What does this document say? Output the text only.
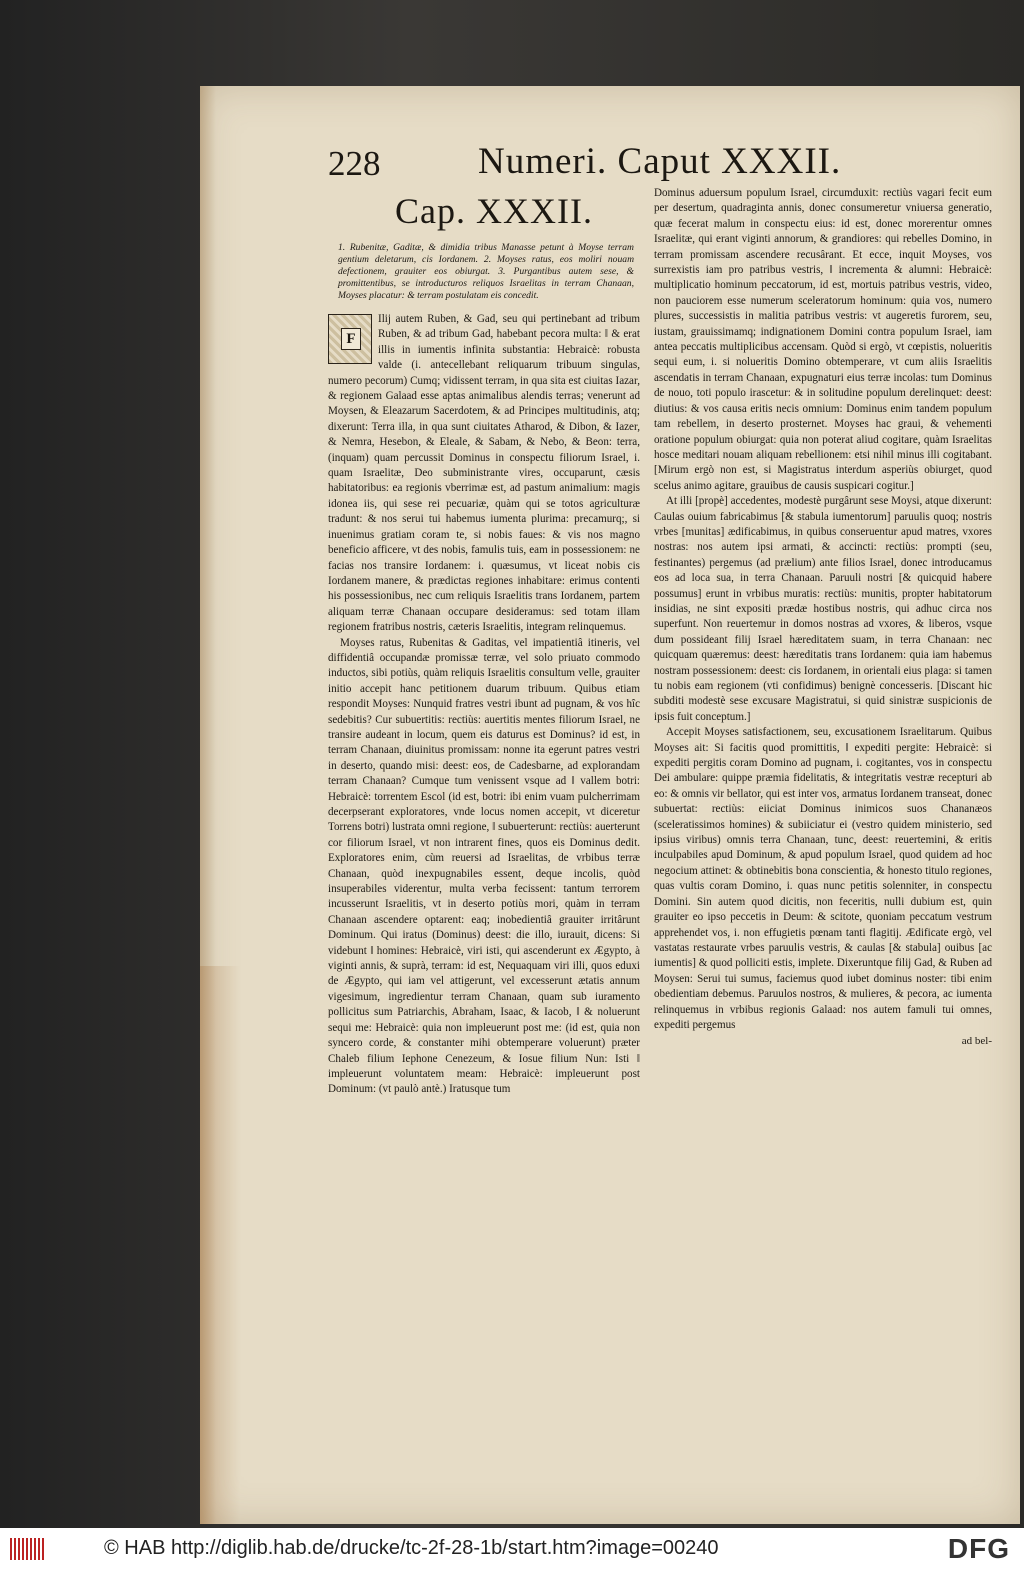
228	Numeri. Caput XXXII.
Cap. XXXII.

1. Rubenitæ, Gaditæ, & dimidia tribus Manasse petunt à Moyse terram gentium deletarum, cis Iordanem. 2. Moyses ratus, eos moliri nouam defectionem, grauiter eos obiurgat. 3. Purgantibus autem sese, & promittentibus, se introducturos reliquos Israelitas in terram Chanaan, Moyses placatur: & terram postulatam eis concedit.

F

Ilij autem Ruben, & Gad, seu qui pertinebant ad tribum Ruben, & ad tribum Gad, habebant pecora multa: ‖ & erat illis in iumentis infinita substantia: Hebraicè: robusta valde (i. antecellebant reliquarum tribuum singulas, numero pecorum) Cumq; vidissent terram, in qua sita est ciuitas Iazar, & regionem Galaad esse aptas animalibus alendis terras; venerunt ad Moysen, & Eleazarum Sacerdotem, & ad Principes multitudinis, atq; dixerunt: Terra illa, in qua sunt ciuitates Atharod, & Dibon, & Iazer, & Nemra, Hesebon, & Eleale, & Sabam, & Nebo, & Beon: terra, (inquam) quam percussit Dominus in conspectu filiorum Israel, i. quam Israelitæ, Deo subministrante vires, occuparunt, cæsis habitatoribus: ea regionis vberrimæ est, ad pastum animalium: magis idonea iis, qui sese rei pecuariæ, quàm qui se totos agriculturæ tradunt: & nos serui tui habemus iumenta plurima: precamurq;, si inuenimus gratiam coram te, si nobis faues: & vis nos magno beneficio afficere, vt des nobis, famulis tuis, eam in possessionem: ne facias nos transire Iordanem: i. quæsumus, vt liceat nobis cis Iordanem manere, & prædictas regiones inhabitare: erimus contenti his possessionibus, nec cum reliquis Israelitis trans Iordanem, partem aliquam terræ Chanaan occupare desideramus: sed totam illam regionem fratribus nostris, cæteris Israelitis, integram relinquemus.

Moyses ratus, Rubenitas & Gaditas, vel impatientiâ itineris, vel diffidentiâ occupandæ promissæ terræ, vel solo priuato commodo inductos, sibi potiùs, quàm reliquis Israelitis consultum velle, grauiter initio accepit hanc petitionem duarum tribuum. Quibus etiam respondit Moyses: Nunquid fratres vestri ibunt ad pugnam, & vos hîc sedebitis? Cur subuertitis: rectiùs: auertitis mentes filiorum Israel, ne transire audeant in locum, quem eis daturus est Dominus? id est, in terram Chanaan, diuinitus promissam: nonne ita egerunt patres vestri in deserto, quando misi: deest: eos, de Cadesbarne, ad explorandam terram Chanaan? Cumque tum venissent vsque ad ‖ vallem botri: Hebraicè: torrentem Escol (id est, botri: ibi enim vuam pulcherrimam decerpserant exploratores, vnde locus nomen accepit, vt diceretur Torrens botri) lustrata omni regione, ‖ subuerterunt: rectiùs: auerterunt cor filiorum Israel, vt non intrarent fines, quos eis Dominus dedit. Exploratores enim, cùm reuersi ad Israelitas, de vrbibus terræ Chanaan, quòd inexpugnabiles essent, deque incolis, quòd insuperabiles viderentur, multa verba fecissent: tantum terrorem incusserunt Israelitis, vt in deserto potiùs mori, quàm in terram Chanaan ascendere optarent: eaq; inobedientiâ grauiter irritârunt Dominum. Qui iratus (Dominus) deest: die illo, iurauit, dicens: Si videbunt ‖ homines: Hebraicè, viri isti, qui ascenderunt ex Ægypto, à viginti annis, & suprà, terram: id est, Nequaquam viri illi, quos eduxi de Ægypto, qui iam vel attigerunt, vel excesserunt ætatis annum vigesimum, ingredientur terram Chanaan, quam sub iuramento pollicitus sum Patriarchis, Abraham, Isaac, & Iacob, ‖ & noluerunt sequi me: Hebraicè: quia non impleuerunt post me: (id est, quia non syncero corde, & constanter mihi obtemperare voluerunt) præter Chaleb filium Iephone Cenezeum, & Iosue filium Nun: Isti ‖ impleuerunt voluntatem meam: Hebraicè: impleuerunt post Dominum: (vt paulò antè.) Iratusque tum

Dominus aduersum populum Israel, circumduxit: rectiùs vagari fecit eum per desertum, quadraginta annis, donec consumeretur vniuersa generatio, quæ fecerat malum in conspectu eius: id est, donec morerentur omnes Israelitæ, qui erant viginti annorum, & grandiores: qui rebelles Domino, in terram promissam ascendere recusârant. Et ecce, inquit Moyses, vos surrexistis iam pro patribus vestris, ‖ incrementa & alumni: Hebraicè: multiplicatio hominum peccatorum, id est, mortuis patribus vestris, video, non pauciorem esse numerum sceleratorum hominum: quia vos, numero plures, successistis in malitia patribus vestris: vt augeretis furorem, seu, iustam, grauissimamq; indignationem Domini contra populum Israel, iam antea peccatis multiplicibus accensam. Quòd si ergò, vt cœpistis, nolueritis sequi eum, i. si nolueritis Domino obtemperare, vt cum aliis Israelitis ascendatis in terram Chanaan, expugnaturi eius terræ incolas: tum Dominus de nouo, toti populo irascetur: & in solitudine populum derelinquet: deest: diutius: & vos causa eritis necis omnium: Dominus enim tandem populum tam rebellem, in deserto prosternet. Moyses hac graui, & vehementi oratione populum obiurgat: quia non poterat aliud cogitare, quàm Israelitas hosce meditari nouam aliquam rebellionem: etsi nihil minus illi cogitabant. [Mirum ergò non est, si Magistratus interdum asperiùs obiurget, quod scelus animo agitare, grauibus de causis suspicari cogitur.]

At illi [propè] accedentes, modestè purgârunt sese Moysi, atque dixerunt: Caulas ouium fabricabimus [& stabula iumentorum] paruulis quoq; nostris vrbes [munitas] ædificabimus, in quibus conseruentur apud matres, vxores nostras: nos autem ipsi armati, & accincti: rectiùs: prompti (seu, festinantes) pergemus (ad prælium) ante filios Israel, donec introducamus eos ad loca sua, in terra Chanaan. Paruuli nostri [& quicquid habere possumus] erunt in vrbibus muratis: rectiùs: munitis, propter habitatorum insidias, ne sint expositi prædæ hostibus nostris, qui adhuc circa nos superfunt. Non reuertemur in domos nostras ad vxores, & liberos, vsque dum possideant filij Israel hæreditatem suam, in terra Chanaan: nec quicquam quæremus: deest: hæreditatis trans Iordanem: quia iam habemus nostram possessionem: deest: cis Iordanem, in orientali eius plaga: si tamen tu nobis eam regionem (vti confidimus) benignè concesseris. [Discant hic subditi modestè sese excusare Magistratui, si quid sinistræ suspicionis de ipsis fuit conceptum.]

Accepit Moyses satisfactionem, seu, excusationem Israelitarum. Quibus Moyses ait: Si facitis quod promittitis, ‖ expediti pergite: Hebraicè: si expediti pergitis coram Domino ad pugnam, i. cogitantes, vos in conspectu Dei ambulare: quippe præmia fidelitatis, & integritatis vestræ recepturi ab eo: & omnis vir bellator, qui est inter vos, armatus Iordanem transeat, donec subuertat: rectiùs: eiiciat Dominus inimicos suos Chananæos (sceleratissimos homines) & subiiciatur ei (vestro quidem ministerio, sed ipsius viribus) omnis terra Chanaan, tunc, deest: reuertemini, & eritis inculpabiles apud Dominum, & apud populum Israel, quod quidem ad hoc negocium attinet: & obtinebitis bona conscientia, & honesto titulo regiones, quas vultis coram Domino, i. quas nunc petitis solenniter, in conspectu Domini. Sin autem quod dicitis, non feceritis, nulli dubium est, quin grauiter eo ipso peccetis in Deum: & scitote, quoniam peccatum vestrum apprehendet vos, i. non effugietis pœnam tanti flagitij. Ædificate ergò, vel vastatas restaurate vrbes paruulis vestris, & caulas [& stabula] ouibus [ac iumentis] & quod polliciti estis, implete. Dixeruntque filij Gad, & Ruben ad Moysen: Serui tui sumus, faciemus quod iubet dominus noster: tibi enim obedientiam debemus. Paruulos nostros, & mulieres, & pecora, ac iumenta relinquemus in vrbibus regionis Galaad: nos autem famuli tui omnes, expediti pergemus

ad bel-
© HAB http://diglib.hab.de/drucke/tc-2f-28-1b/start.htm?image=00240	DFG
